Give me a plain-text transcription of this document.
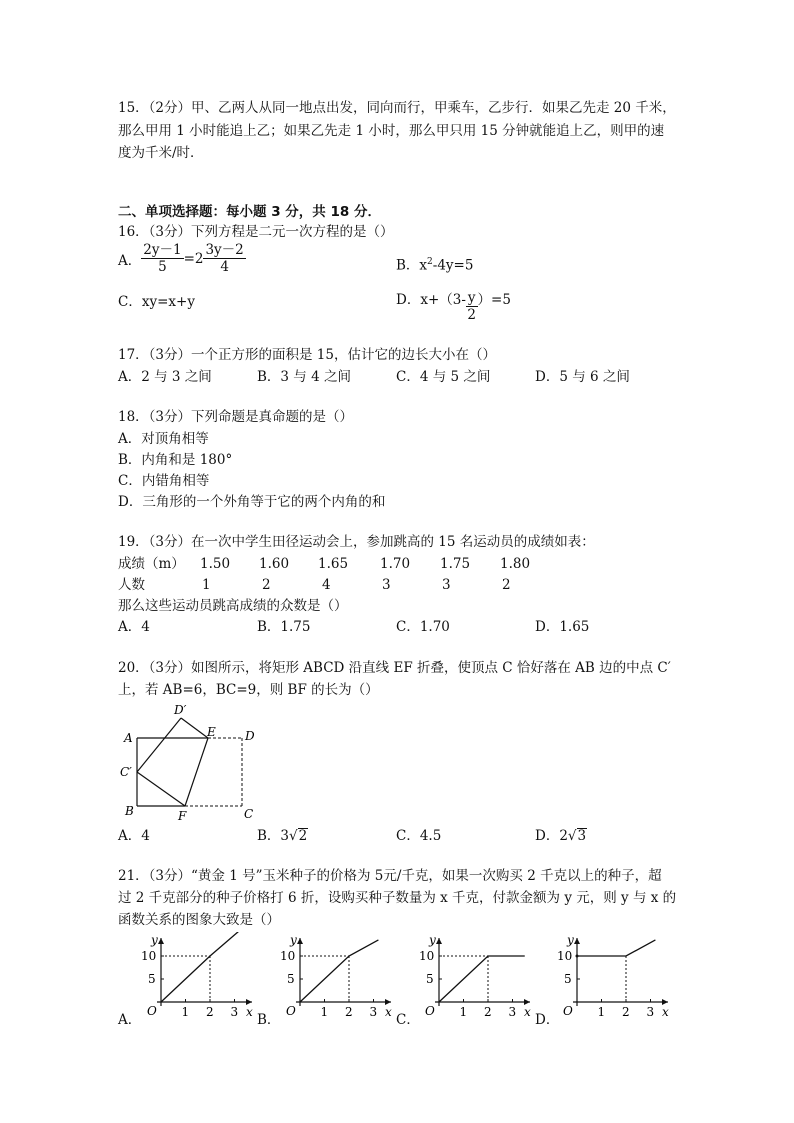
15．（2分）甲、乙两人从同一地点出发，同向而行，甲乘车，乙步行．如果乙先走 20 千米，
那么甲用 1 小时能追上乙；如果乙先走 1 小时，那么甲只用 15 分钟就能追上乙，则甲的速
度为千米/时．
二、单项选择题：每小题 3 分，共 18 分．
16．（3分）下列方程是二元一次方程的是（）
A． $\frac{2y-1}{5} =2 \frac{3y-2}{4}$	B．$x^2-4y=5$
C．xy=x+y	D． $x+(3- \frac{y}{2} )=5$
17．（3分）一个正方形的面积是 15，估计它的边长大小在（）
A．2 与 3 之间	B．3 与 4 之间	C．4 与 5 之间	D．5 与 6 之间
18．（3分）下列命题是真命题的是（）
A．对顶角相等
B．内角和是 180°
C．内错角相等
D．三角形的一个外角等于它的两个内角的和
19．（3分）在一次中学生田径运动会上，参加跳高的 15 名运动员的成绩如表：
成绩（m） 1.50 1.60 1.65 1.70 1.75 1.80
人数	1	2	4	3	3	2
那么这些运动员跳高成绩的众数是（）
A．4	B．1.75	C．1.70	D．1.65
20．（3分）如图所示，将矩形 ABCD 沿直线 EF 折叠，使顶点 C 恰好落在 AB 边的中点 C′
上，若 AB=6，BC=9，则 BF 的长为（）
D′
A	E D
C′
B	F	C
A．4	B．3√2	C．4.5	D．2√3
21．（3分）“黄金 1 号”玉米种子的价格为 5元/千克，如果一次购买 2 千克以上的种子，超
过 2 千克部分的种子价格打 6 折，设购买种子数量为 x 千克，付款金额为 y 元，则 y 与 x 的
函数关系的图象大致是（）
A．	B．	C．	D．
y
x
O
10
5
1 2 3
y
x
O
10
5
1 2 3
y
x
O
10
5
1 2 3
y
x
O
10
5
1 2 3
